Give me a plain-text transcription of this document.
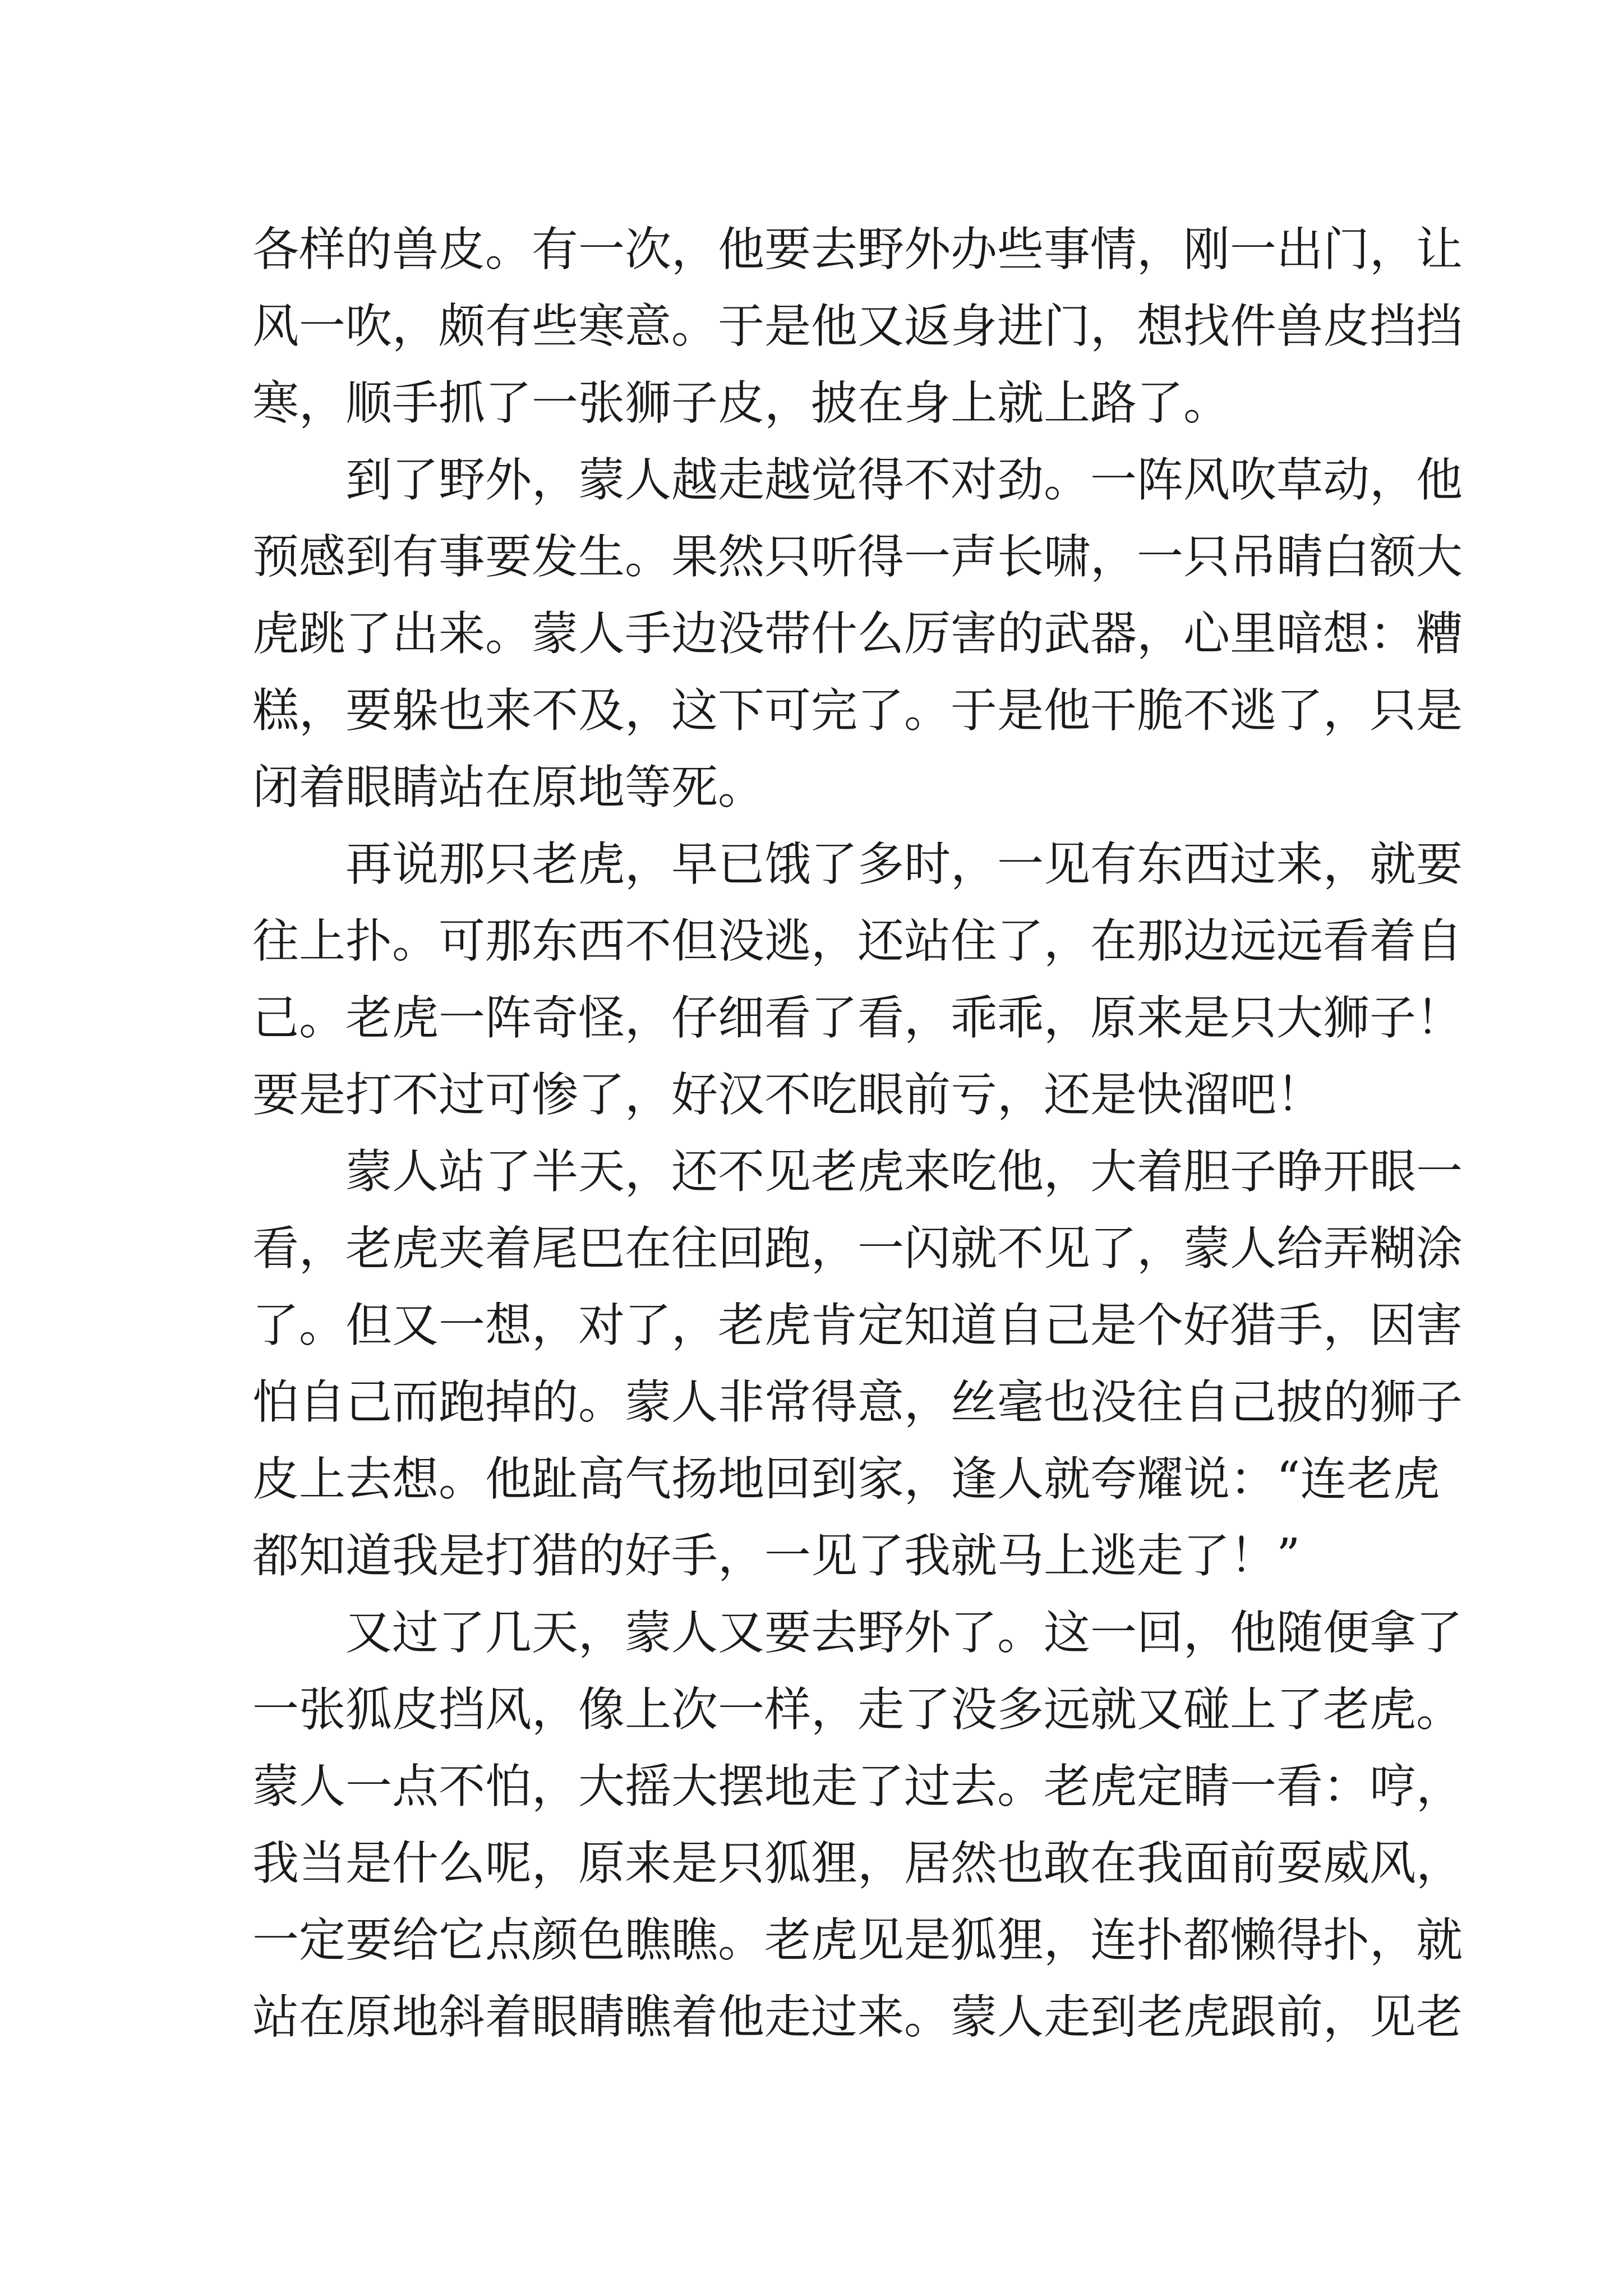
各样的兽皮。有一次，他要去野外办些事情，刚一出门，让
风一吹，颇有些寒意。于是他又返身进门，想找件兽皮挡挡
寒，顺手抓了一张狮子皮，披在身上就上路了。
到了野外，蒙人越走越觉得不对劲。一阵风吹草动，他
预感到有事要发生。果然只听得一声长啸，一只吊睛白额大
虎跳了出来。蒙人手边没带什么厉害的武器，心里暗想：糟
糕，要躲也来不及，这下可完了。于是他干脆不逃了，只是
闭着眼睛站在原地等死。
再说那只老虎，早已饿了多时，一见有东西过来，就要
往上扑。可那东西不但没逃，还站住了，在那边远远看着自
己。老虎一阵奇怪，仔细看了看，乖乖，原来是只大狮子！
要是打不过可惨了，好汉不吃眼前亏，还是快溜吧！
蒙人站了半天，还不见老虎来吃他，大着胆子睁开眼一
看，老虎夹着尾巴在往回跑，一闪就不见了，蒙人给弄糊涂
了。但又一想，对了，老虎肯定知道自己是个好猎手，因害
怕自己而跑掉的。蒙人非常得意，丝毫也没往自己披的狮子
皮上去想。他趾高气扬地回到家，逢人就夸耀说：“连老虎
都知道我是打猎的好手，一见了我就马上逃走了！”
又过了几天，蒙人又要去野外了。这一回，他随便拿了
一张狐皮挡风，像上次一样，走了没多远就又碰上了老虎。
蒙人一点不怕，大摇大摆地走了过去。老虎定睛一看：哼，
我当是什么呢，原来是只狐狸，居然也敢在我面前耍威风，
一定要给它点颜色瞧瞧。老虎见是狐狸，连扑都懒得扑，就
站在原地斜着眼睛瞧着他走过来。蒙人走到老虎跟前，见老
